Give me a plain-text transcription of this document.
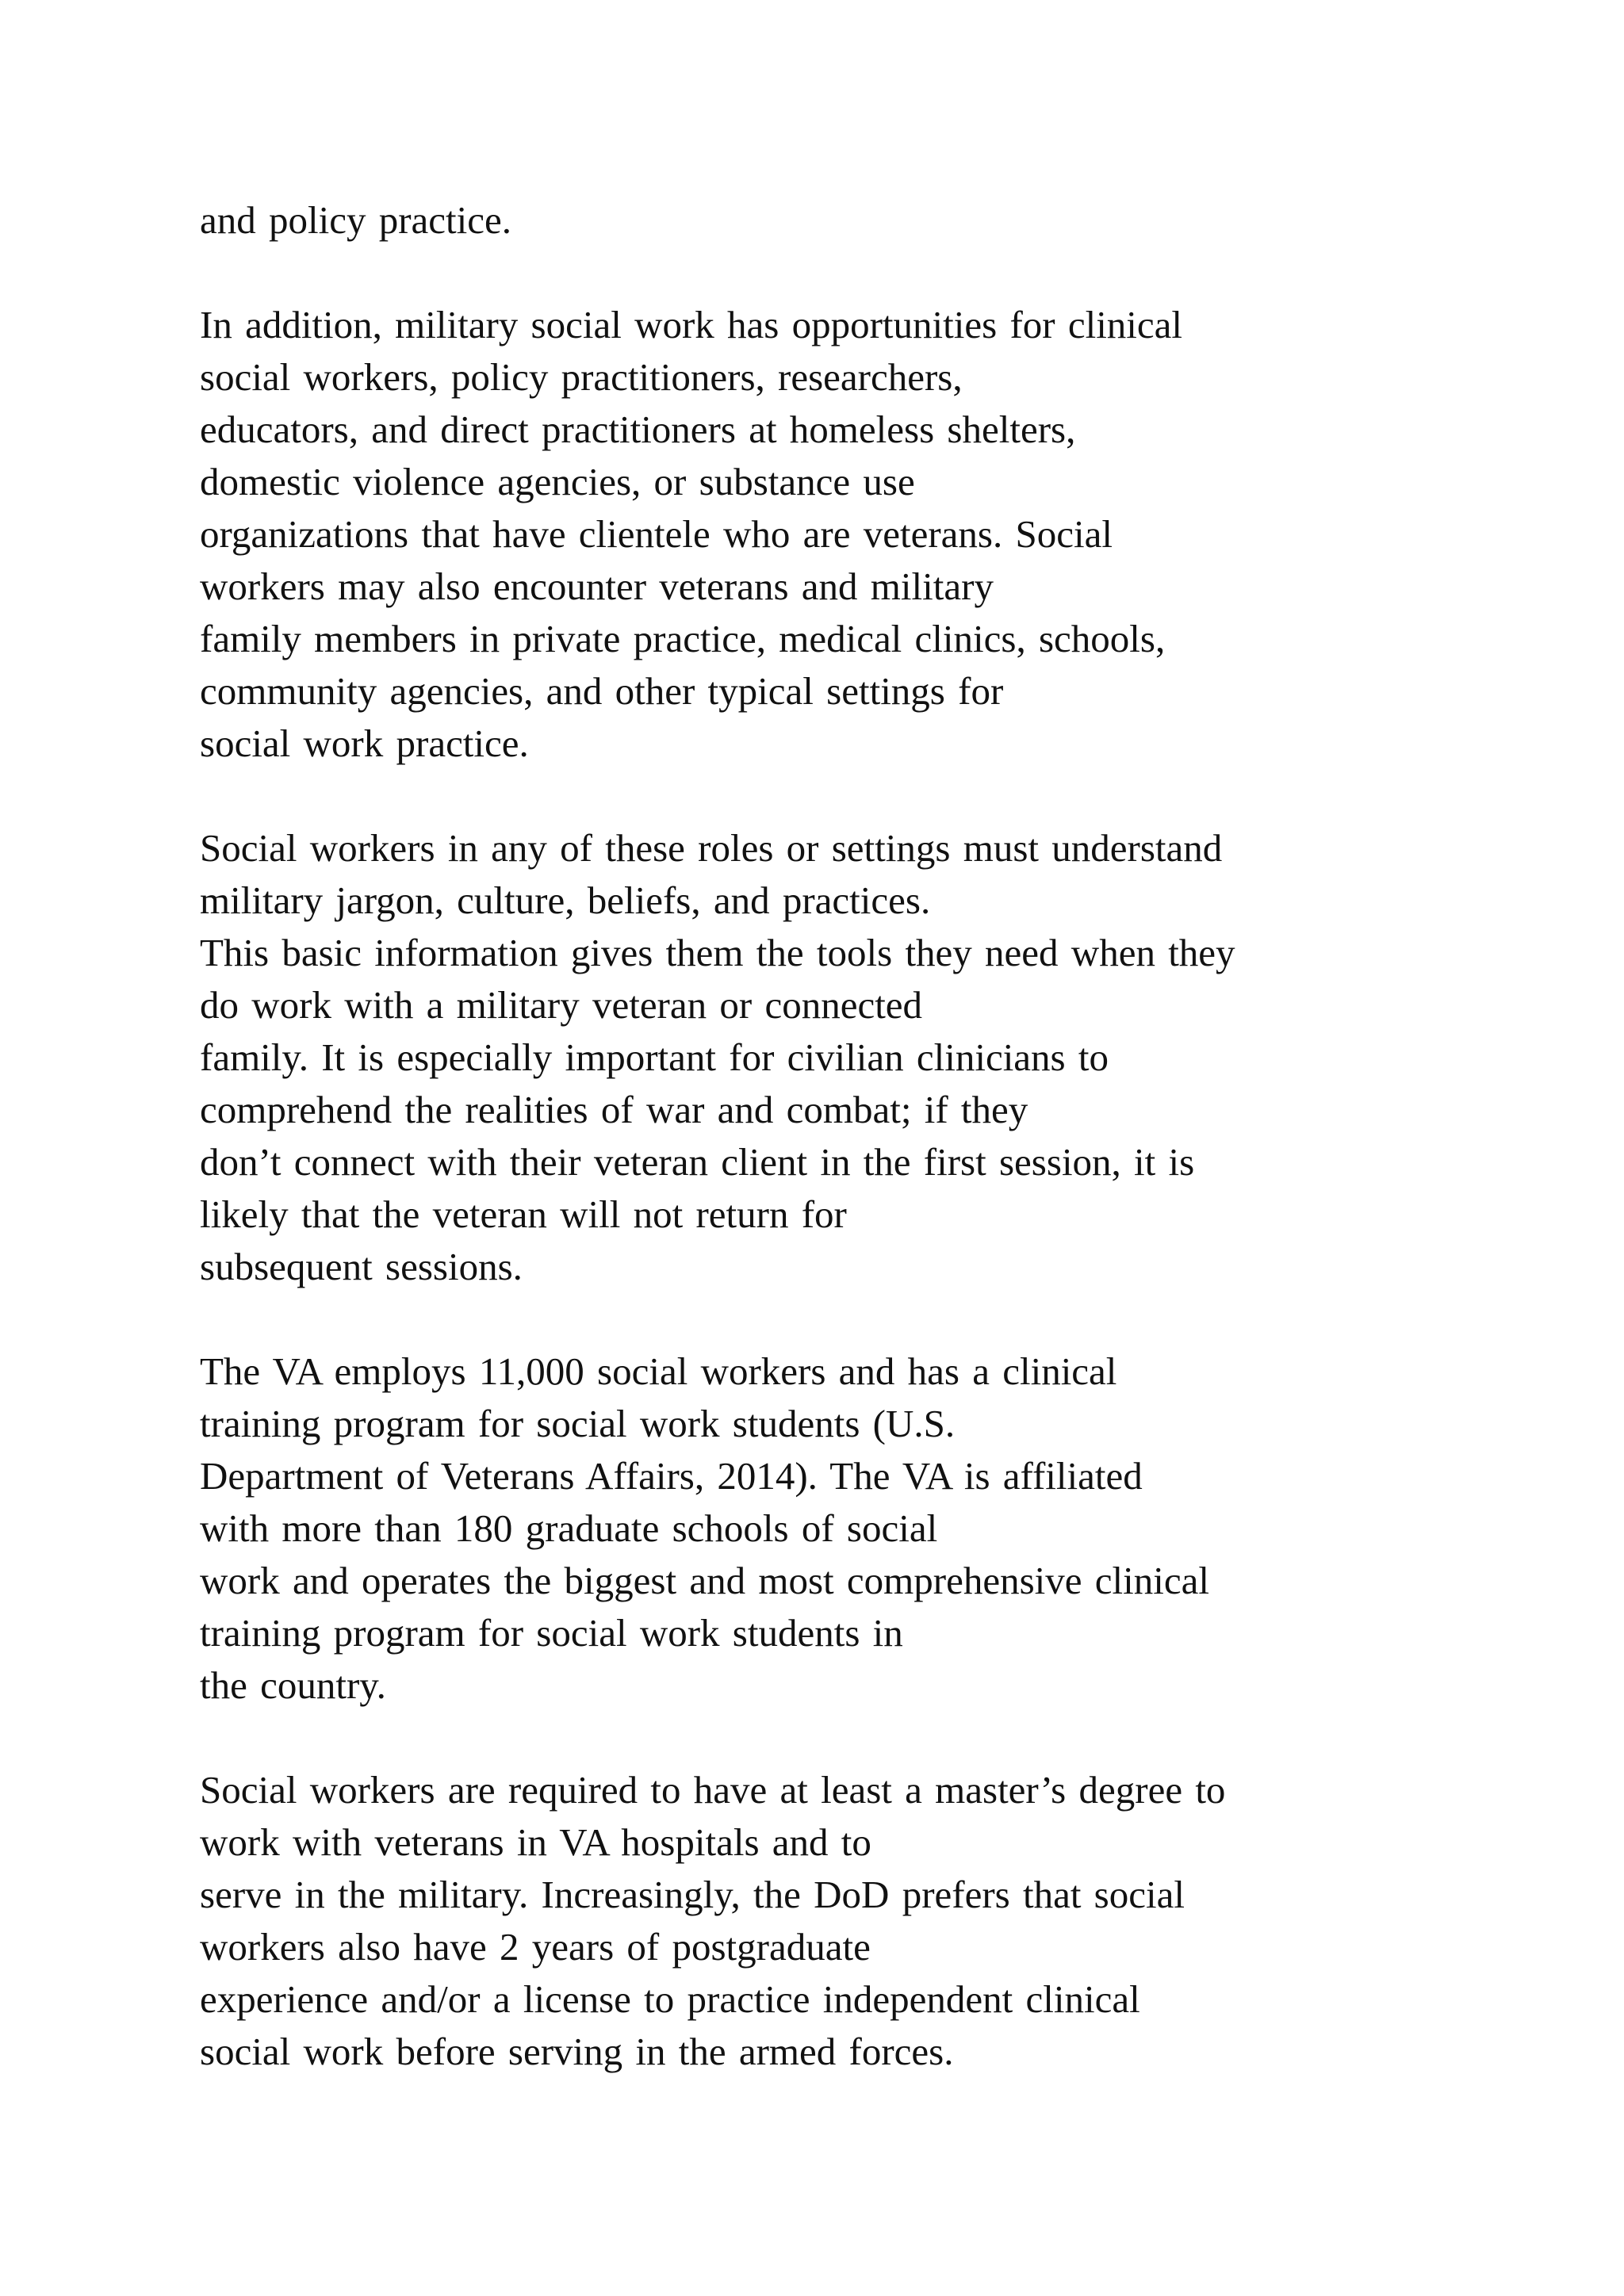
and policy practice.
In addition, military social work has opportunities for clinical
social workers, policy practitioners, researchers,
educators, and direct practitioners at homeless shelters,
domestic violence agencies, or substance use
organizations that have clientele who are veterans. Social
workers may also encounter veterans and military
family members in private practice, medical clinics, schools,
community agencies, and other typical settings for
social work practice.
Social workers in any of these roles or settings must understand
military jargon, culture, beliefs, and practices.
This basic information gives them the tools they need when they
do work with a military veteran or connected
family. It is especially important for civilian clinicians to
comprehend the realities of war and combat; if they
don’t connect with their veteran client in the first session, it is
likely that the veteran will not return for
subsequent sessions.
The VA employs 11,000 social workers and has a clinical
training program for social work students (U.S.
Department of Veterans Affairs, 2014). The VA is affiliated
with more than 180 graduate schools of social
work and operates the biggest and most comprehensive clinical
training program for social work students in
the country.
Social workers are required to have at least a master’s degree to
work with veterans in VA hospitals and to
serve in the military. Increasingly, the DoD prefers that social
workers also have 2 years of postgraduate
experience and/or a license to practice independent clinical
social work before serving in the armed forces.
